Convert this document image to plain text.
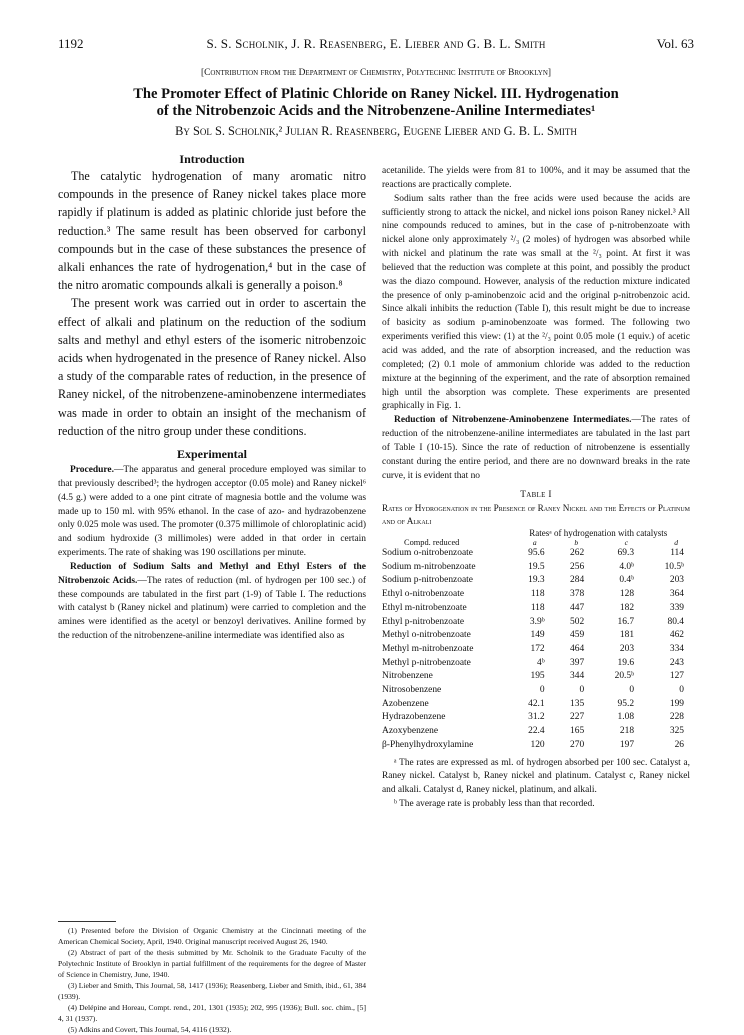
1192	S. S. Scholnik, J. R. Reasenberg, E. Lieber and G. B. L. Smith	Vol. 63
[Contribution from the Department of Chemistry, Polytechnic Institute of Brooklyn]
The Promoter Effect of Platinic Chloride on Raney Nickel. III. Hydrogenation
of the Nitrobenzoic Acids and the Nitrobenzene-Aniline Intermediates¹
By Sol S. Scholnik,² Julian R. Reasenberg, Eugene Lieber and G. B. L. Smith
Introduction

The catalytic hydrogenation of many aromatic nitro compounds in the presence of Raney nickel takes place more rapidly if platinum is added as platinic chloride just before the reduction.³ The same result has been observed for carbonyl compounds but in the case of these substances the presence of alkali enhances the rate of hydrogenation,⁴ but in the case of the nitro aromatic compounds alkali is generally a poison.⁸

The present work was carried out in order to ascertain the effect of alkali and platinum on the reduction of the sodium salts and methyl and ethyl esters of the isomeric nitrobenzoic acids when hydrogenated in the presence of Raney nickel. Also a study of the comparable rates of reduction, in the presence of Raney nickel, of the nitrobenzene-aminobenzene intermediates was made in order to obtain an insight of the mechanism of reduction of the nitro group under these conditions.

Experimental

Procedure.—The apparatus and general procedure employed was similar to that previously described³; the hydrogen acceptor (0.05 mole) and Raney nickel⁶ (4.5 g.) were added to a one pint citrate of magnesia bottle and the volume was made up to 150 ml. with 95% ethanol. In the case of azo- and hydrazobenzene only 0.025 mole was used. The promoter (0.375 millimole of chloroplatinic acid) and sodium hydroxide (3 millimoles) were added in that order in certain experiments. The rate of shaking was 190 oscillations per minute.

Reduction of Sodium Salts and Methyl and Ethyl Esters of the Nitrobenzoic Acids.—The rates of reduction (ml. of hydrogen per 100 sec.) of these compounds are tabulated in the first part (1-9) of Table I. The reductions with catalyst b (Raney nickel and platinum) were carried to completion and the amines were identified as the acetyl or benzoyl derivatives. Aniline formed by the reduction of the nitrobenzene-aniline intermediate was identified also as

(1) Presented before the Division of Organic Chemistry at the Cincinnati meeting of the American Chemical Society, April, 1940. Original manuscript received August 26, 1940.

(2) Abstract of part of the thesis submitted by Mr. Scholnik to the Graduate Faculty of the Polytechnic Institute of Brooklyn in partial fulfillment of the requirements for the degree of Master of Science in Chemistry, June, 1940.

(3) Lieber and Smith, This Journal, 58, 1417 (1936); Reasenberg, Lieber and Smith, ibid., 61, 384 (1939).

(4) Delépine and Horeau, Compt. rend., 201, 1301 (1935); 202, 995 (1936); Bull. soc. chim., [5] 4, 31 (1937).

(5) Adkins and Covert, This Journal, 54, 4116 (1932).

acetanilide. The yields were from 81 to 100%, and it may be assumed that the reactions are practically complete.

Sodium salts rather than the free acids were used because the acids are sufficiently strong to attack the nickel, and nickel ions poison Raney nickel.³ All nine compounds reduced to amines, but in the case of p-nitrobenzoate with nickel alone only approximately ²/₃ (2 moles) of hydrogen was absorbed while with nickel and platinum the rate was small at the ²/₃ point. At first it was believed that the reduction was complete at this point, and possibly the product was the diazo compound. However, analysis of the reduction mixture indicated the presence of only p-aminobenzoic acid and the original p-nitrobenzoic acid. Since alkali inhibits the reduction (Table I), this result might be due to increase of basicity as sodium p-aminobenzoate was formed. The following two experiments verified this view: (1) at the ²/₃ point 0.05 mole (1 equiv.) of acetic acid was added, and the rate of absorption increased, and the reduction was completed; (2) 0.1 mole of ammonium chloride was added to the reduction mixture at the beginning of the experiment, and the rate of absorption remained high until the absorption was complete. These experiments are presented graphically in Fig. 1.

Reduction of Nitrobenzene-Aminobenzene Intermediates.—The rates of reduction of the nitrobenzene-aniline intermediates are tabulated in the last part of Table I (10-15). Since the rate of reduction of nitrobenzene is essentially constant during the entire period, and there are no downward breaks in the rate curve, it is evident that no

Table I
Rates of Hydrogenation in the Presence of Raney Nickel and the Effects of Platinum and of Alkali
	Ratesᵃ of hydrogenation with catalysts			
Compd. reduced	a	b	c	d
Sodium o-nitrobenzoate	95.6	262	69.3	114
Sodium m-nitrobenzoate	19.5	256	4.0ᵇ	10.5ᵇ
Sodium p-nitrobenzoate	19.3	284	0.4ᵇ	203
Ethyl o-nitrobenzoate	118	378	128	364
Ethyl m-nitrobenzoate	118	447	182	339
Ethyl p-nitrobenzoate	3.9ᵇ	502	16.7	80.4
Methyl o-nitrobenzoate	149	459	181	462
Methyl m-nitrobenzoate	172	464	203	334
Methyl p-nitrobenzoate	4ᵇ	397	19.6	243
Nitrobenzene	195	344	20.5ᵇ	127
Nitrosobenzene	0	0	0	0
Azobenzene	42.1	135	95.2	199
Hydrazobenzene	31.2	227	1.08	228
Azoxybenzene	22.4	165	218	325
β-Phenylhydroxylamine	120	270	197	26

ᵃ The rates are expressed as ml. of hydrogen absorbed per 100 sec. Catalyst a, Raney nickel. Catalyst b, Raney nickel and platinum. Catalyst c, Raney nickel and alkali. Catalyst d, Raney nickel, platinum, and alkali.

ᵇ The average rate is probably less than that recorded.
